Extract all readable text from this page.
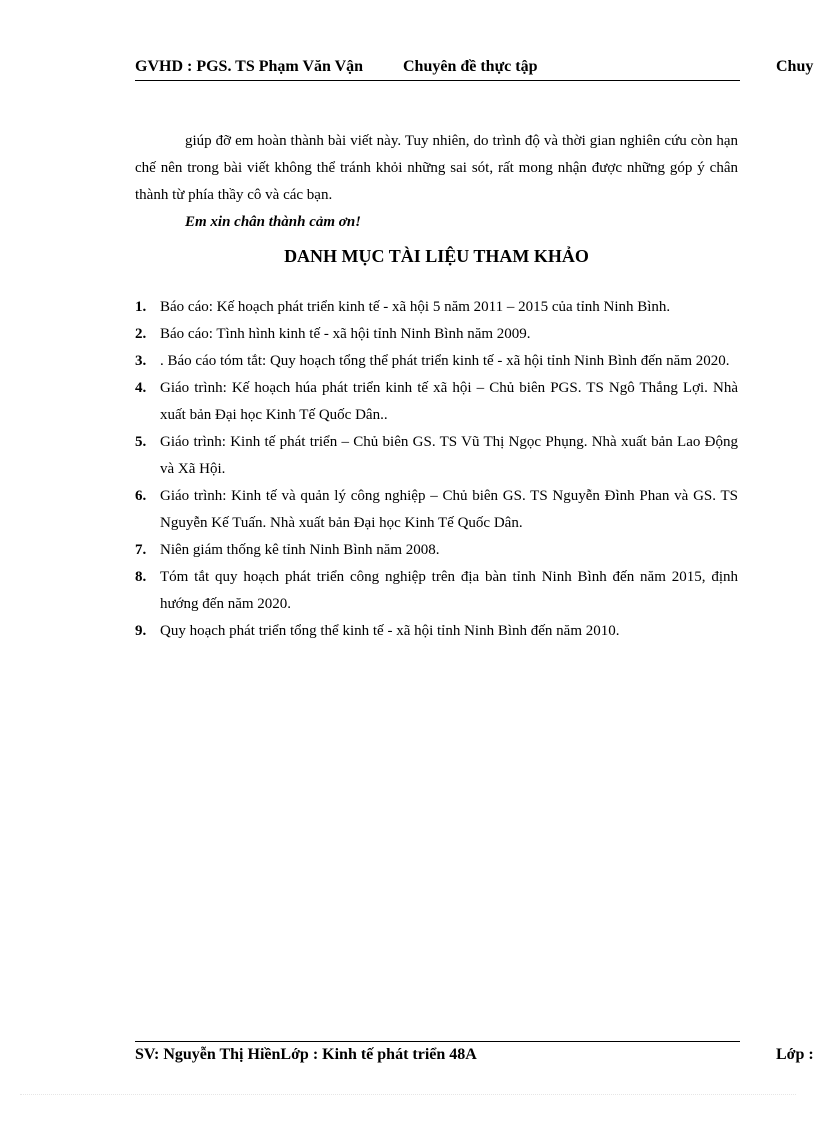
GVHD : PGS. TS Phạm Văn Vận Chuyên đề thực tập	Chuy

giúp đỡ em hoàn thành bài viết này. Tuy nhiên, do trình độ và thời gian nghiên cứu còn hạn chế nên trong bài viết không thể tránh khỏi những sai sót, rất mong nhận được những góp ý chân thành từ phía thầy cô và các bạn.

Em xin chân thành cảm ơn!

DANH MỤC TÀI LIỆU THAM KHẢO
1. Báo cáo: Kế hoạch phát triển kinh tế - xã hội 5 năm 2011 – 2015 của tỉnh Ninh Bình.
2. Báo cáo: Tình hình kinh tế - xã hội tỉnh Ninh Bình năm 2009.
3. . Báo cáo tóm tắt: Quy hoạch tổng thể phát triển kinh tế - xã hội tỉnh Ninh Bình đến năm 2020.
4. Giáo trình: Kế hoạch húa phát triển kinh tế xã hội – Chủ biên PGS. TS Ngô Thắng Lợi. Nhà xuất bản Đại học Kinh Tế Quốc Dân..
5. Giáo trình: Kinh tế phát triển – Chủ biên GS. TS Vũ Thị Ngọc Phụng. Nhà xuất bản Lao Động và Xã Hội.
6. Giáo trình: Kinh tế và quản lý công nghiệp – Chủ biên GS. TS Nguyễn Đình Phan và GS. TS Nguyễn Kế Tuấn. Nhà xuất bản Đại học Kinh Tế Quốc Dân.
7. Niên giám thống kê tỉnh Ninh Bình năm 2008.
8. Tóm tắt quy hoạch phát triển công nghiệp trên địa bàn tỉnh Ninh Bình đến năm 2015, định hướng đến năm 2020.
9. Quy hoạch phát triển tổng thể kinh tế - xã hội tỉnh Ninh Bình đến năm 2010.
SV: Nguyễn Thị HiềnLớp : Kinh tế phát triển 48A	Lớp :
